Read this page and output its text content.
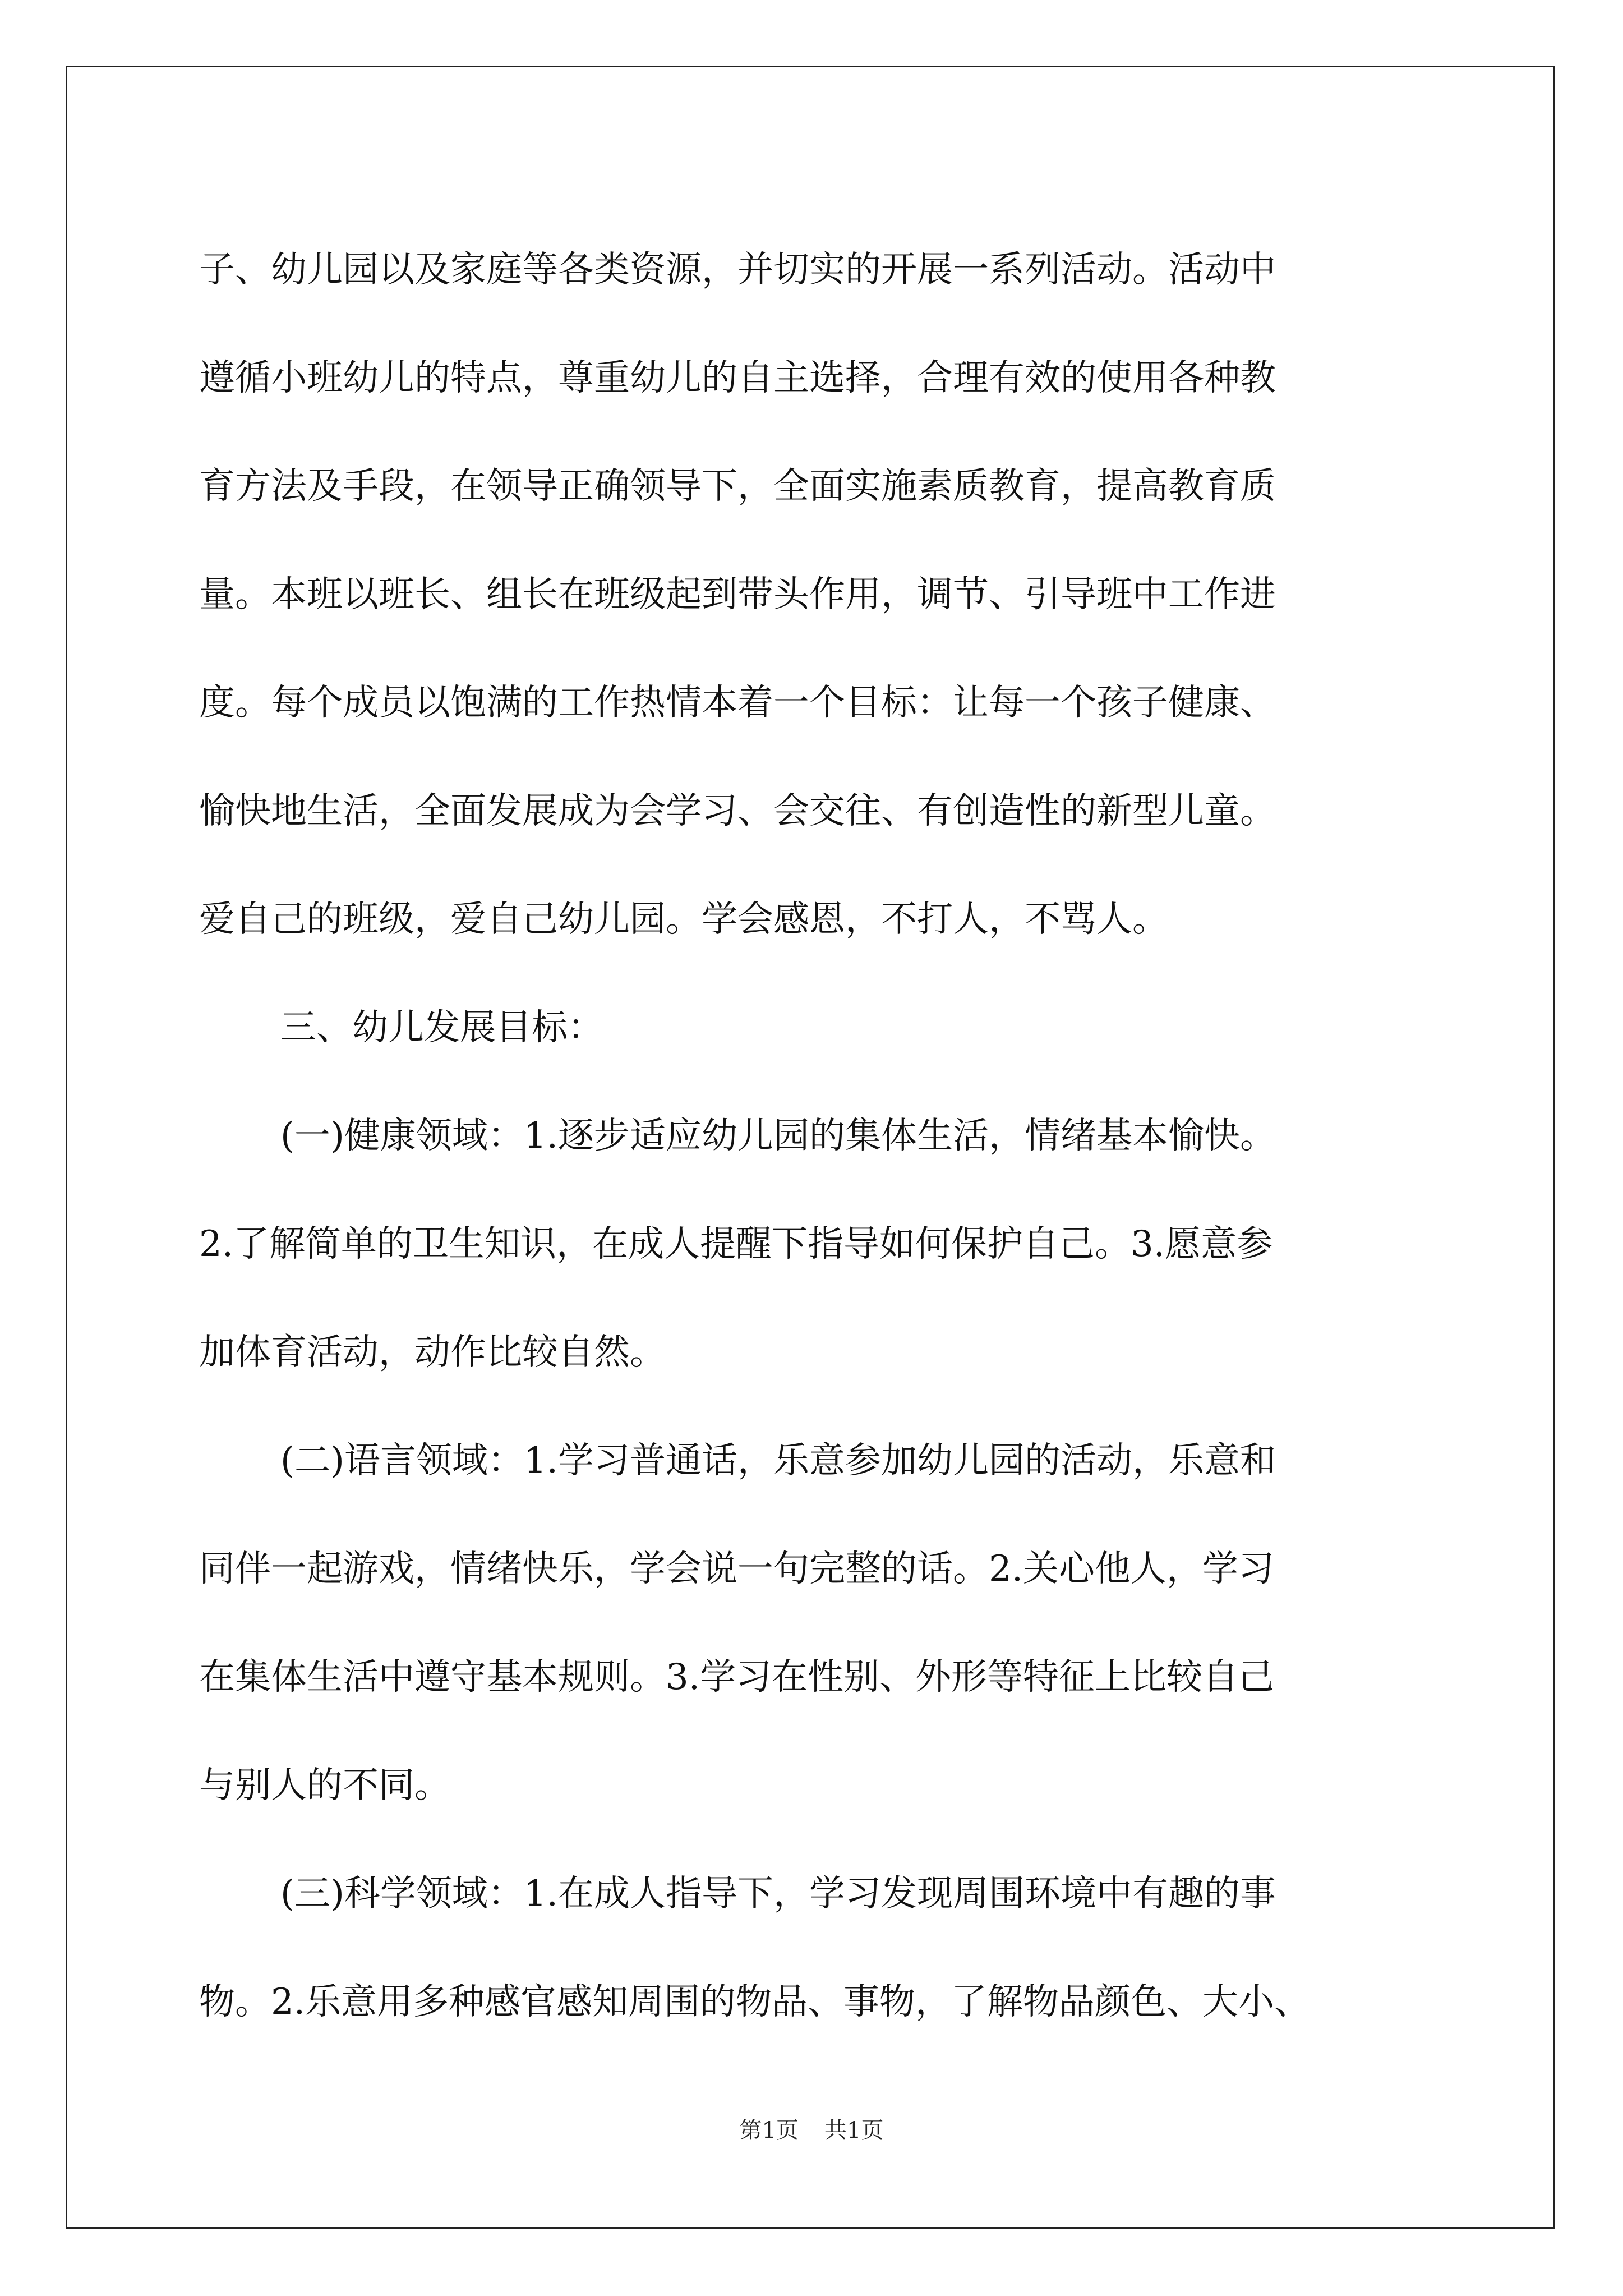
子、幼儿园以及家庭等各类资源，并切实的开展一系列活动。活动中
遵循小班幼儿的特点，尊重幼儿的自主选择，合理有效的使用各种教
育方法及手段，在领导正确领导下，全面实施素质教育，提高教育质
量。本班以班长、组长在班级起到带头作用，调节、引导班中工作进
度。每个成员以饱满的工作热情本着一个目标：让每一个孩子健康、
愉快地生活，全面发展成为会学习、会交往、有创造性的新型儿童。
爱自己的班级，爱自己幼儿园。学会感恩，不打人，不骂人。
三、幼儿发展目标：
(一)健康领域：1.逐步适应幼儿园的集体生活，情绪基本愉快。
2.了解简单的卫生知识，在成人提醒下指导如何保护自己。3.愿意参
加体育活动，动作比较自然。
(二)语言领域：1.学习普通话，乐意参加幼儿园的活动，乐意和
同伴一起游戏，情绪快乐，学会说一句完整的话。2.关心他人，学习
在集体生活中遵守基本规则。3.学习在性别、外形等特征上比较自己
与别人的不同。
(三)科学领域：1.在成人指导下，学习发现周围环境中有趣的事
物。2.乐意用多种感官感知周围的物品、事物，了解物品颜色、大小、
第1页 共1页
